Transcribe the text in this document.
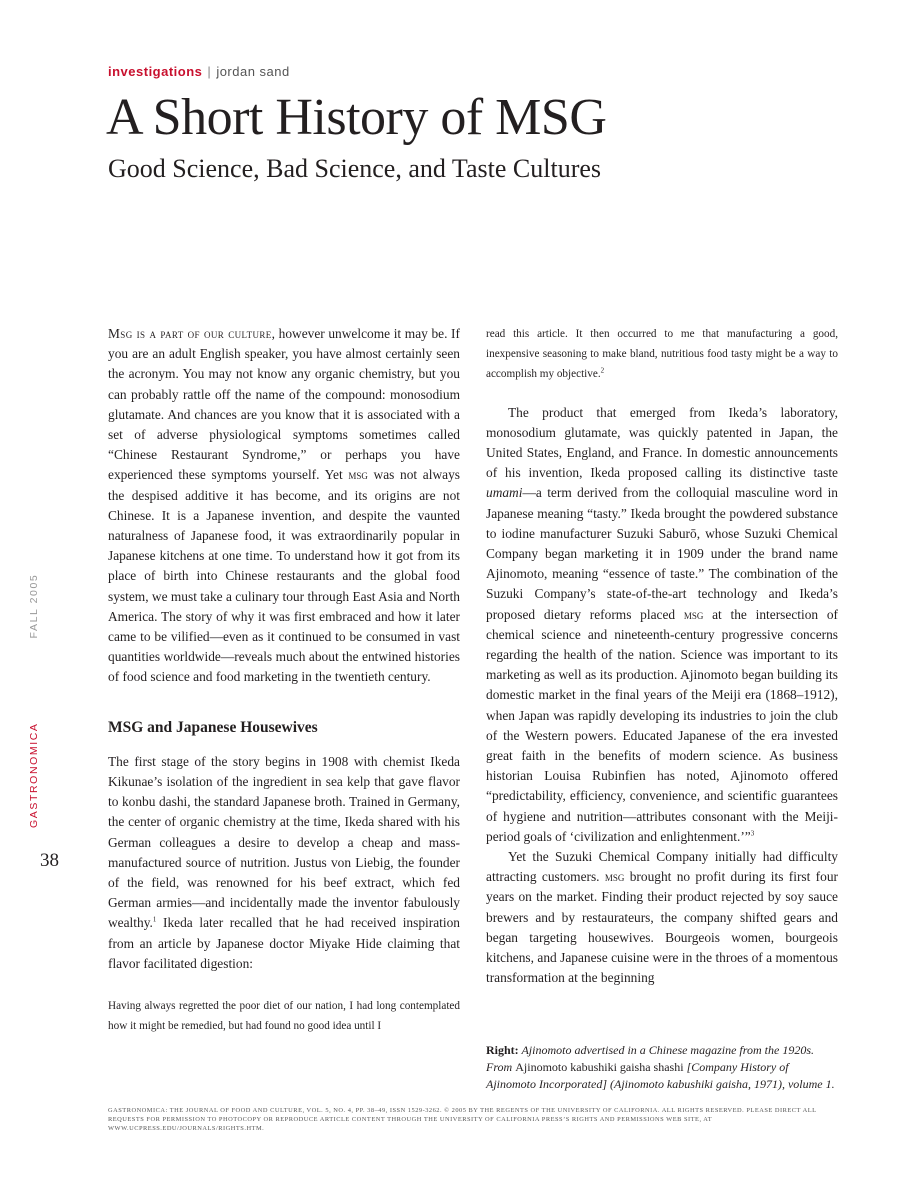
investigations | jordan sand
A Short History of MSG
Good Science, Bad Science, and Taste Cultures

Msg is a part of our culture, however unwelcome it may be. If you are an adult English speaker, you have almost certainly seen the acronym. You may not know any organic chemistry, but you can probably rattle off the name of the compound: monosodium glutamate. And chances are you know that it is associated with a set of adverse physiological symptoms sometimes called “Chinese Restaurant Syndrome,” or perhaps you have experienced these symptoms yourself. Yet msg was not always the despised additive it has become, and its origins are not Chinese. It is a Japanese invention, and despite the vaunted naturalness of Japanese food, it was extraordinarily popular in Japanese kitchens at one time. To understand how it got from its place of birth into Chinese restaurants and the global food system, we must take a culinary tour through East Asia and North America. The story of why it was first embraced and how it later came to be vilified—even as it continued to be consumed in vast quantities worldwide—reveals much about the entwined histories of food science and food marketing in the twentieth century.

MSG and Japanese Housewives

The first stage of the story begins in 1908 with chemist Ikeda Kikunae’s isolation of the ingredient in sea kelp that gave flavor to konbu dashi, the standard Japanese broth. Trained in Germany, the center of organic chemistry at the time, Ikeda shared with his German colleagues a desire to develop a cheap and mass-manufactured source of nutrition. Justus von Liebig, the founder of the field, was renowned for his beef extract, which fed German armies—and incidentally made the inventor fabulously wealthy.$^1$ Ikeda later recalled that he had received inspiration from an article by Japanese doctor Miyake Hide claiming that flavor facilitated digestion:

Having always regretted the poor diet of our nation, I had long contemplated how it might be remedied, but had found no good idea until I

read this article. It then occurred to me that manufacturing a good, inexpensive seasoning to make bland, nutritious food tasty might be a way to accomplish my objective.$^2$

The product that emerged from Ikeda’s laboratory, monosodium glutamate, was quickly patented in Japan, the United States, England, and France. In domestic announcements of his invention, Ikeda proposed calling its distinctive taste umami—a term derived from the colloquial masculine word in Japanese meaning “tasty.” Ikeda brought the powdered substance to iodine manufacturer Suzuki Saburō, whose Suzuki Chemical Company began marketing it in 1909 under the brand name Ajinomoto, meaning “essence of taste.” The combination of the Suzuki Company’s state-of-the-art technology and Ikeda’s proposed dietary reforms placed msg at the intersection of chemical science and nineteenth-century progressive concerns regarding the health of the nation. Science was important to its marketing as well as its production. Ajinomoto began building its domestic market in the final years of the Meiji era (1868–1912), when Japan was rapidly developing its industries to join the club of the Western powers. Educated Japanese of the era invested great faith in the benefits of modern science. As business historian Louisa Rubinfien has noted, Ajinomoto offered “predictability, efficiency, convenience, and scientific guarantees of hygiene and nutrition—attributes consonant with the Meiji-period goals of ‘civilization and enlightenment.’”$^3$

Yet the Suzuki Chemical Company initially had difficulty attracting customers. msg brought no profit during its first four years on the market. Finding their product rejected by soy sauce brewers and by restaurateurs, the company shifted gears and began targeting housewives. Bourgeois women, bourgeois kitchens, and Japanese cuisine were in the throes of a momentous transformation at the beginning

Right: Ajinomoto advertised in a Chinese magazine from the 1920s. From Ajinomoto kabushiki gaisha shashi [Company History of Ajinomoto Incorporated] (Ajinomoto kabushiki gaisha, 1971), volume 1.
GASTRONOMICAFALL 2005
38
GASTRONOMICA: THE JOURNAL OF FOOD AND CULTURE, VOL. 5, NO. 4, PP. 38–49, ISSN 1529-3262. © 2005 BY THE REGENTS OF THE UNIVERSITY OF CALIFORNIA. ALL RIGHTS RESERVED. PLEASE DIRECT ALL REQUESTS FOR PERMISSION TO PHOTOCOPY OR REPRODUCE ARTICLE CONTENT THROUGH THE UNIVERSITY OF CALIFORNIA PRESS’S RIGHTS AND PERMISSIONS WEB SITE, AT WWW.UCPRESS.EDU/JOURNALS/RIGHTS.HTM.
